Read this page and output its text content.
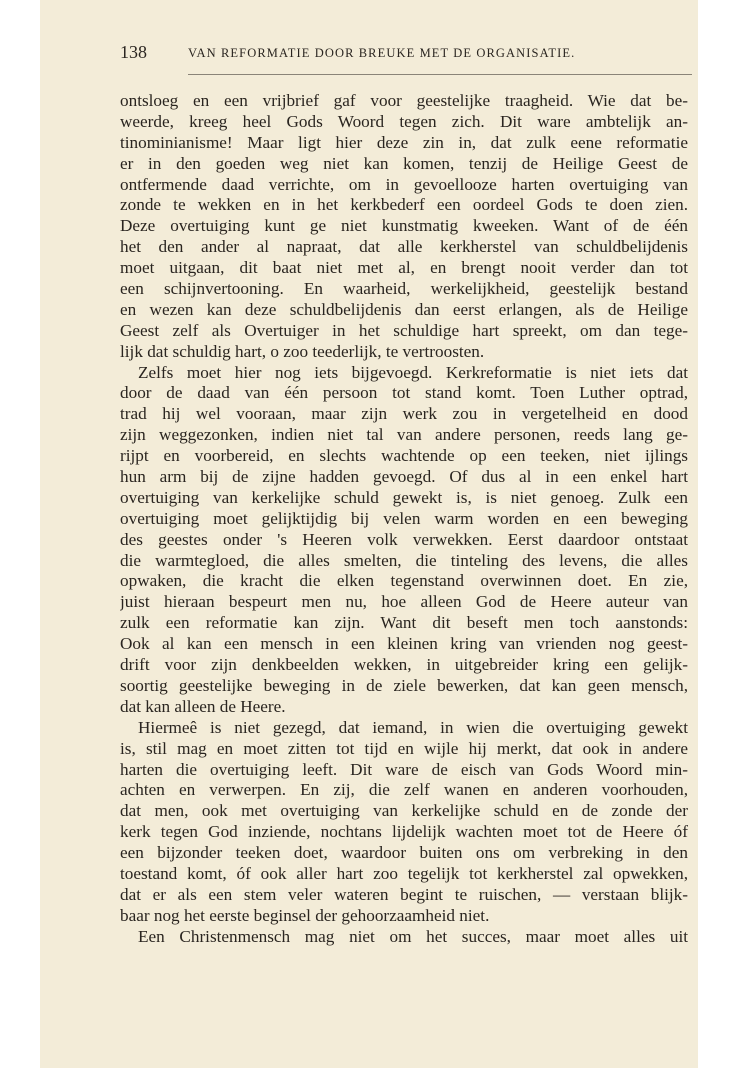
138	VAN REFORMATIE DOOR BREUKE MET DE ORGANISATIE.
ontsloeg en een vrijbrief gaf voor geestelijke traagheid. Wie dat be-
weerde, kreeg heel Gods Woord tegen zich. Dit ware ambtelijk an-
tinominianisme! Maar ligt hier deze zin in, dat zulk eene reformatie
er in den goeden weg niet kan komen, tenzij de Heilige Geest de
ontfermende daad verrichte, om in gevoellooze harten overtuiging van
zonde te wekken en in het kerkbederf een oordeel Gods te doen zien.
Deze overtuiging kunt ge niet kunstmatig kweeken. Want of de één
het den ander al napraat, dat alle kerkherstel van schuldbelijdenis
moet uitgaan, dit baat niet met al, en brengt nooit verder dan tot
een schijnvertooning. En waarheid, werkelijkheid, geestelijk bestand
en wezen kan deze schuldbelijdenis dan eerst erlangen, als de Heilige
Geest zelf als Overtuiger in het schuldige hart spreekt, om dan tege-
lijk dat schuldig hart, o zoo teederlijk, te vertroosten.
Zelfs moet hier nog iets bijgevoegd. Kerkreformatie is niet iets dat
door de daad van één persoon tot stand komt. Toen Luther optrad,
trad hij wel vooraan, maar zijn werk zou in vergetelheid en dood
zijn weggezonken, indien niet tal van andere personen, reeds lang ge-
rijpt en voorbereid, en slechts wachtende op een teeken, niet ijlings
hun arm bij de zijne hadden gevoegd. Of dus al in een enkel hart
overtuiging van kerkelijke schuld gewekt is, is niet genoeg. Zulk een
overtuiging moet gelijktijdig bij velen warm worden en een beweging
des geestes onder 's Heeren volk verwekken. Eerst daardoor ontstaat
die warmtegloed, die alles smelten, die tinteling des levens, die alles
opwaken, die kracht die elken tegenstand overwinnen doet. En zie,
juist hieraan bespeurt men nu, hoe alleen God de Heere auteur van
zulk een reformatie kan zijn. Want dit beseft men toch aanstonds:
Ook al kan een mensch in een kleinen kring van vrienden nog geest-
drift voor zijn denkbeelden wekken, in uitgebreider kring een gelijk-
soortig geestelijke beweging in de ziele bewerken, dat kan geen mensch,
dat kan alleen de Heere.
Hiermeê is niet gezegd, dat iemand, in wien die overtuiging gewekt
is, stil mag en moet zitten tot tijd en wijle hij merkt, dat ook in andere
harten die overtuiging leeft. Dit ware de eisch van Gods Woord min-
achten en verwerpen. En zij, die zelf wanen en anderen voorhouden,
dat men, ook met overtuiging van kerkelijke schuld en de zonde der
kerk tegen God inziende, nochtans lijdelijk wachten moet tot de Heere óf
een bijzonder teeken doet, waardoor buiten ons om verbreking in den
toestand komt, óf ook aller hart zoo tegelijk tot kerkherstel zal opwekken,
dat er als een stem veler wateren begint te ruischen, — verstaan blijk-
baar nog het eerste beginsel der gehoorzaamheid niet.
Een Christenmensch mag niet om het succes, maar moet alles uit
